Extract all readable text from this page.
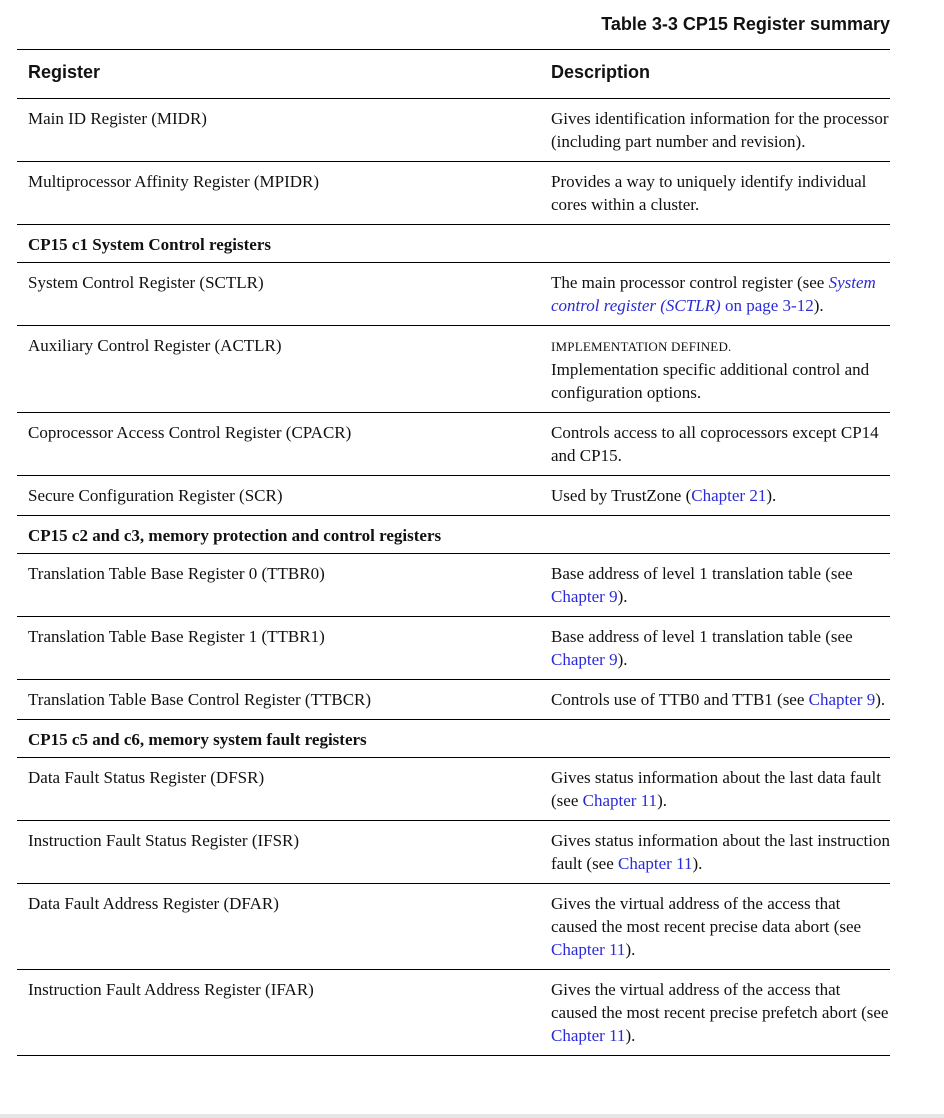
Table 3-3 CP15 Register summary
Register	Description
Main ID Register (MIDR)	Gives identification information for the processor (including part number and revision).
Multiprocessor Affinity Register (MPIDR)	Provides a way to uniquely identify individual cores within a cluster.
CP15 c1 System Control registers	
System Control Register (SCTLR)	The main processor control register (see System control register (SCTLR) on page 3-12).
Auxiliary Control Register (ACTLR)	IMPLEMENTATION DEFINED.
Implementation specific additional control and configuration options.
Coprocessor Access Control Register (CPACR)	Controls access to all coprocessors except CP14 and CP15.
Secure Configuration Register (SCR)	Used by TrustZone (Chapter 21).
CP15 c2 and c3, memory protection and control registers	
Translation Table Base Register 0 (TTBR0)	Base address of level 1 translation table (see Chapter 9).
Translation Table Base Register 1 (TTBR1)	Base address of level 1 translation table (see Chapter 9).
Translation Table Base Control Register (TTBCR)	Controls use of TTB0 and TTB1 (see Chapter 9).
CP15 c5 and c6, memory system fault registers	
Data Fault Status Register (DFSR)	Gives status information about the last data fault (see Chapter 11).
Instruction Fault Status Register (IFSR)	Gives status information about the last instruction fault (see Chapter 11).
Data Fault Address Register (DFAR)	Gives the virtual address of the access that caused the most recent precise data abort (see Chapter 11).
Instruction Fault Address Register (IFAR)	Gives the virtual address of the access that caused the most recent precise prefetch abort (see Chapter 11).
